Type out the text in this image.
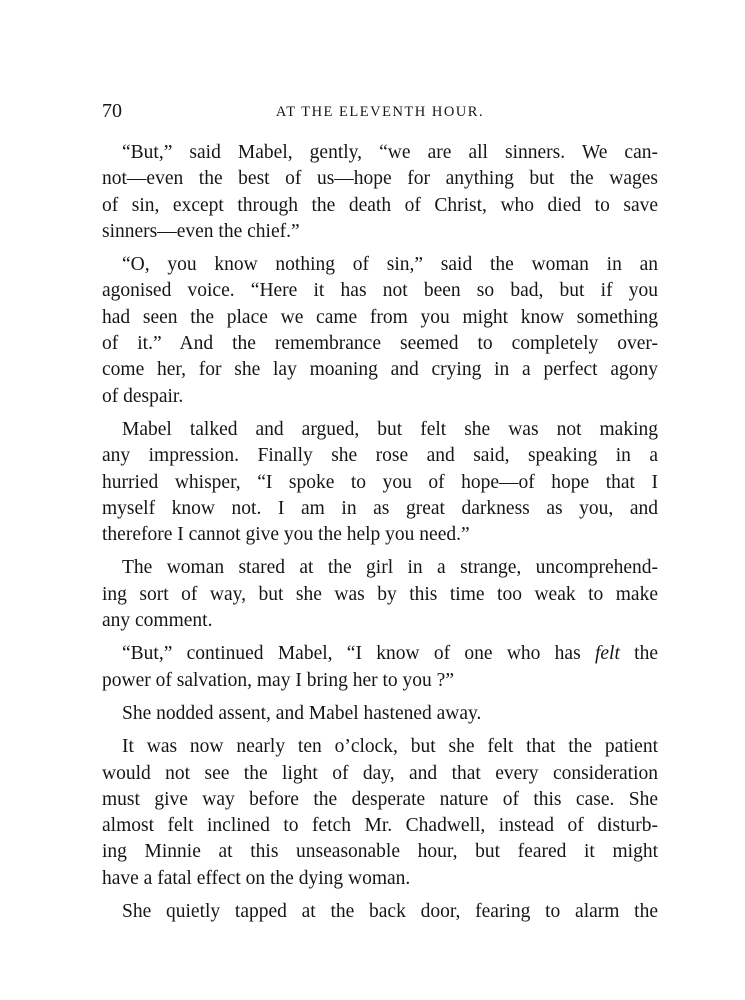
70	AT THE ELEVENTH HOUR.

“But,” said Mabel, gently, “we are all sinners. We can-
not—even the best of us—hope for anything but the wages
of sin, except through the death of Christ, who died to save
sinners—even the chief.”

“O, you know nothing of sin,” said the woman in an
agonised voice. “Here it has not been so bad, but if you
had seen the place we came from you might know something
of it.” And the remembrance seemed to completely over-
come her, for she lay moaning and crying in a perfect agony
of despair.

Mabel talked and argued, but felt she was not making
any impression. Finally she rose and said, speaking in a
hurried whisper, “I spoke to you of hope—of hope that I
myself know not. I am in as great darkness as you, and
therefore I cannot give you the help you need.”

The woman stared at the girl in a strange, uncomprehend-
ing sort of way, but she was by this time too weak to make
any comment.

“But,” continued Mabel, “I know of one who has felt the
power of salvation, may I bring her to you ?”

She nodded assent, and Mabel hastened away.

It was now nearly ten o’clock, but she felt that the patient
would not see the light of day, and that every consideration
must give way before the desperate nature of this case. She
almost felt inclined to fetch Mr. Chadwell, instead of disturb-
ing Minnie at this unseasonable hour, but feared it might
have a fatal effect on the dying woman.

She quietly tapped at the back door, fearing to alarm the
